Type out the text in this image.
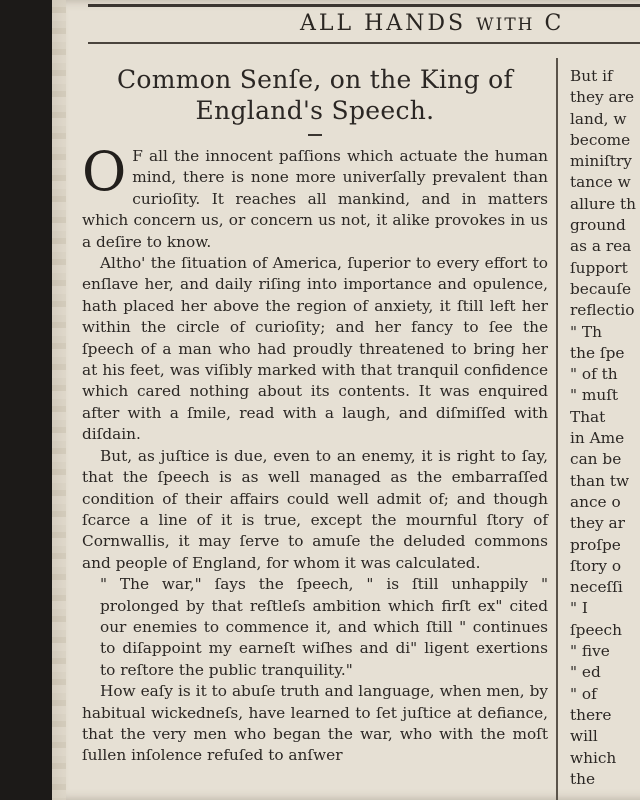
ALL HANDS WITH C
Common Senſe, on the King of
England's Speech.

O F all the innocent paſſions which actuate the human mind, there is none more univerſally prevalent than curioſity. It reaches all mankind, and in matters which concern us, or concern us not, it alike provokes in us a deſire to know.

Altho' the ſituation of America, ſuperior to every effort to enſlave her, and daily riſing into importance and opulence, hath placed her above the region of anxiety, it ſtill left her within the circle of curioſity; and her fancy to ſee the ſpeech of a man who had proudly threatened to bring her at his feet, was viſibly marked with that tranquil confidence which cared nothing about its contents. It was enquired after with a ſmile, read with a laugh, and diſmiſſed with diſdain.

But, as juſtice is due, even to an enemy, it is right to ſay, that the ſpeech is as well managed as the embarraſſed condition of their affairs could well admit of; and though ſcarce a line of it is true, except the mournful ſtory of Cornwallis, it may ſerve to amuſe the deluded commons and people of England, for whom it was calculated.

" The war," ſays the ſpeech, " is ſtill unhappily " prolonged by that reſtleſs ambition which firſt ex" cited our enemies to commence it, and which ſtill " continues to diſappoint my earneſt wiſhes and di" ligent exertions to reſtore the public tranquility."

How eaſy is it to abuſe truth and language, when men, by habitual wickedneſs, have learned to ſet juſtice at defiance, that the very men who began the war, who with the moſt ſullen inſolence refuſed to anſwer

But if
they are
land, w
become
miniſtry
tance w
allure th
ground
as a rea
ſupport
becauſe
reflectio
" Th
the ſpe
" of th
" muſt
That
in Ame
can be
than tw
ance o
they ar
proſpe
ſtory o
neceſſi
" I
ſpeech
" five
" ed
" of
there
will
which
the
